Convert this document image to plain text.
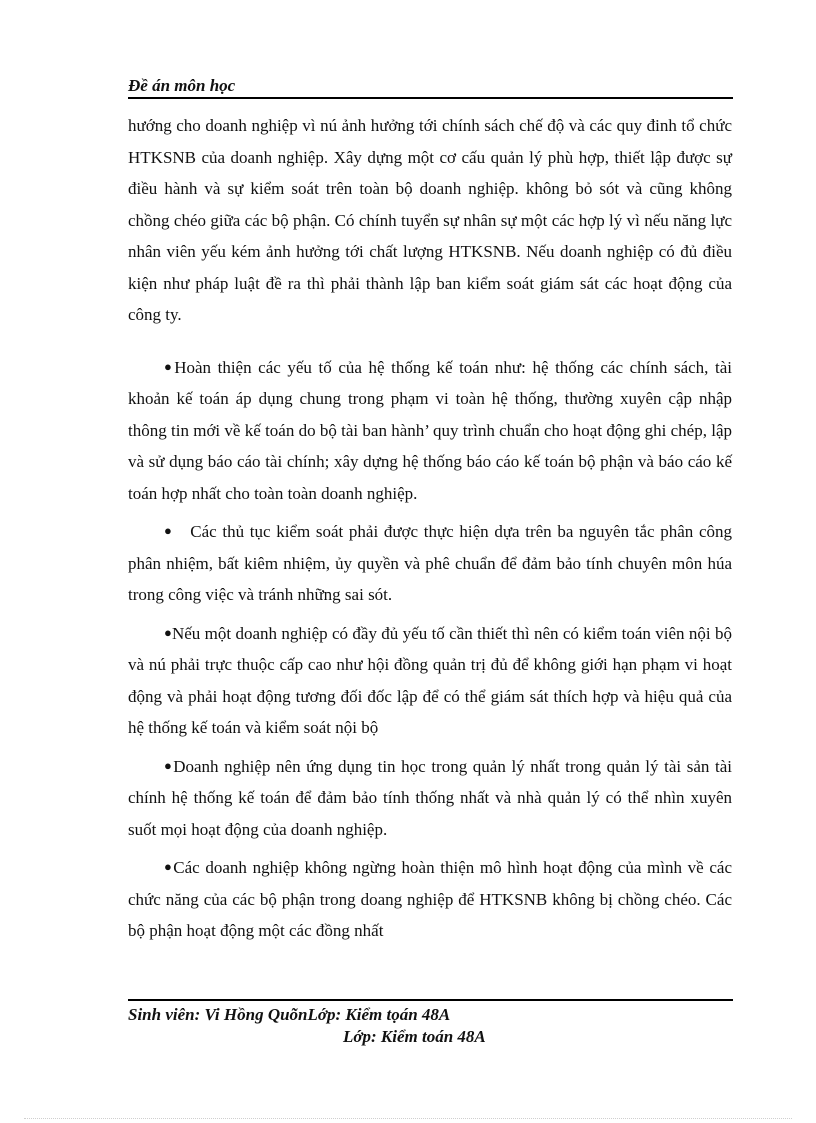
Đề án môn học

hướng cho doanh nghiệp vì nú ảnh hưởng tới chính sách chế độ và các quy đinh tổ chức HTKSNB của doanh nghiệp. Xây dựng một cơ cấu quản lý phù hợp, thiết lập được sự điều hành và sự kiểm soát trên toàn bộ doanh nghiệp. không bỏ sót và cũng không chồng chéo giữa các bộ phận. Có chính tuyển sự nhân sự một các hợp lý vì nếu năng lực nhân viên yếu kém ảnh hưởng tới chất lượng HTKSNB. Nếu doanh nghiệp có đủ điều kiện như pháp luật đề ra thì phải thành lập ban kiểm soát giám sát các hoạt động của công ty.

●Hoàn thiện các yếu tố của hệ thống kế toán như: hệ thống các chính sách, tài khoản kế toán áp dụng chung trong phạm vi toàn hệ thống, thường xuyên cập nhập thông tin mới về kế toán do bộ tài ban hành’ quy trình chuẩn cho hoạt động ghi chép, lập và sử dụng báo cáo tài chính; xây dựng hệ thống báo cáo kế toán bộ phận và báo cáo kế toán hợp nhất cho toàn toàn doanh nghiệp.

● Các thủ tục kiểm soát phải được thực hiện dựa trên ba nguyên tắc phân công phân nhiệm, bất kiêm nhiệm, ủy quyền và phê chuẩn để đảm bảo tính chuyên môn húa trong công việc và tránh những sai sót.

●Nếu một doanh nghiệp có đầy đủ yếu tố cần thiết thì nên có kiểm toán viên nội bộ và nú phải trực thuộc cấp cao như hội đồng quản trị đủ để không giới hạn phạm vi hoạt động và phải hoạt động tương đối đốc lập để có thể giám sát thích hợp và hiệu quả của hệ thống kế toán và kiểm soát nội bộ

●Doanh nghiệp nên ứng dụng tin học trong quản lý nhất trong quản lý tài sản tài chính hệ thống kế toán để đảm bảo tính thống nhất và nhà quản lý có thể nhìn xuyên suốt mọi hoạt động của doanh nghiệp.

●Các doanh nghiệp không ngừng hoàn thiện mô hình hoạt động của mình về các chức năng của các bộ phận trong doang nghiệp để HTKSNB không bị chồng chéo. Các bộ phận hoạt động một các đồng nhất

Sinh viên: Vi Hồng QuõnLớp: Kiểm tọán 48A
Lớp: Kiểm toán 48A
